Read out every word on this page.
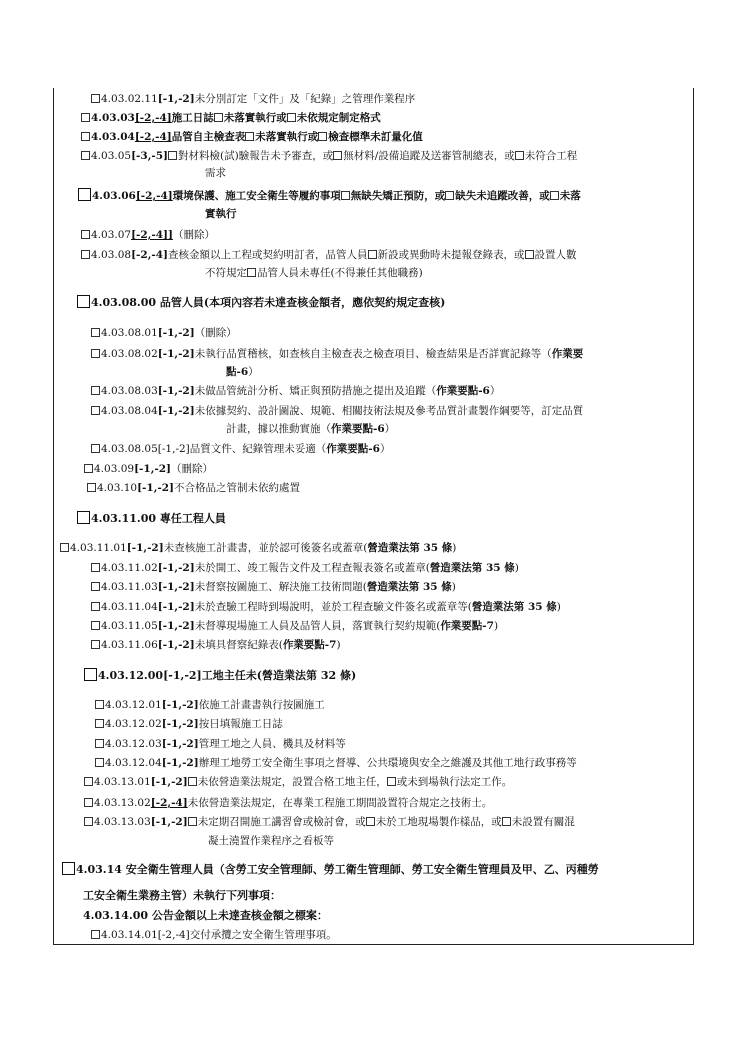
4.03.02.11[-1,-2]未分別訂定「文件」及「紀錄」之管理作業程序
4.03.03[-2,-4]施工日誌 未落實執行或 未依規定制定格式
4.03.04[-2,-4]品管自主檢查表 未落實執行或 檢查標準未訂量化值
4.03.05[-3,-5] 對材料檢(試)驗報告未予審查，或 無材料/設備追蹤及送審管制總表，或 未符合工程
需求
4.03.06[-2,-4]環境保護、施工安全衛生等履約事項 無缺失矯正預防，或 缺失未追蹤改善，或 未落
實執行
4.03.07[-2,-4]]（刪除）
4.03.08[-2,-4]查核金額以上工程或契約明訂者，品管人員 新設或異動時未提報登錄表，或 設置人數
不符規定 品管人員未專任(不得兼任其他職務)
4.03.08.00 品管人員(本項內容若未達查核金額者，應依契約規定查核)
4.03.08.01[-1,-2]（刪除）
4.03.08.02[-1,-2]未執行品質稽核，如查核自主檢查表之檢查項目、檢查結果是否詳實記錄等（作業要
點-6）
4.03.08.03[-1,-2]未做品管統計分析、矯正與預防措施之提出及追蹤（作業要點-6）
4.03.08.04[-1,-2]未依據契約、設計圖說、規範、相關技術法規及參考品質計畫製作綱要等，訂定品質
計畫，據以推動實施（作業要點-6）
4.03.08.05[-1,-2]品質文件、紀錄管理未妥適（作業要點-6）
4.03.09[-1,-2]（刪除）
4.03.10[-1,-2]不合格品之管制未依約處置
4.03.11.00 專任工程人員
4.03.11.01[-1,-2]未查核施工計畫書，並於認可後簽名或蓋章(營造業法第 35 條)
4.03.11.02[-1,-2]未於開工、竣工報告文件及工程查報表簽名或蓋章(營造業法第 35 條)
4.03.11.03[-1,-2]未督察按圖施工、解決施工技術問題(營造業法第 35 條)
4.03.11.04[-1,-2]未於查驗工程時到場說明，並於工程查驗文件簽名或蓋章等(營造業法第 35 條)
4.03.11.05[-1,-2]未督導現場施工人員及品管人員，落實執行契約規範(作業要點-7)
4.03.11.06[-1,-2]未填具督察紀錄表(作業要點-7)
4.03.12.00[-1,-2]工地主任未(營造業法第 32 條)
4.03.12.01[-1,-2]依施工計畫書執行按圖施工
4.03.12.02[-1,-2]按日填報施工日誌
4.03.12.03[-1,-2]管理工地之人員、機具及材料等
4.03.12.04[-1,-2]辦理工地勞工安全衛生事項之督導、公共環境與安全之維護及其他工地行政事務等
4.03.13.01[-1,-2] 未依營造業法規定，設置合格工地主任， 或未到場執行法定工作。
4.03.13.02[-2,-4]未依營造業法規定，在專業工程施工期間設置符合規定之技術士。
4.03.13.03[-1,-2] 未定期召開施工講習會或檢討會，或 未於工地現場製作樣品，或 未設置有關混
凝土澆置作業程序之看板等
4.03.14 安全衛生管理人員（含勞工安全管理師、勞工衛生管理師、勞工安全衛生管理員及甲、乙、丙種勞
工安全衛生業務主管）未執行下列事項：
4.03.14.00 公告金額以上未達查核金額之標案：
4.03.14.01[-2,-4]交付承攬之安全衛生管理事項。
